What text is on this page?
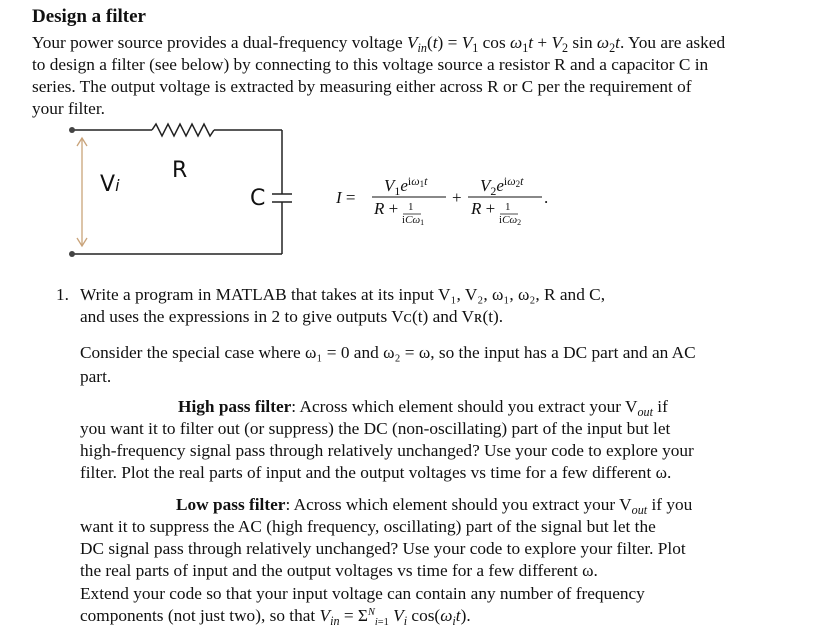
Design a filter
Your power source provides a dual-frequency voltage $V_{in}(t) = V_1$ $\cos \omega_1t + V_2$ $\sin \omega_2t$. You are asked
to design a filter (see below) by connecting to this voltage source a resistor R and a capacitor C in
series. The output voltage is extracted by measuring either across R or C per the requirement of
your filter.
Vi
R
C	I =
$V_1e^{i\omega_1t}$
R + 1
iCω$_1$
+
$V_2e^{i\omega_2t}$
R + 1
iCω$_2$
.
1. Write a program in MATLAB that takes at its input V₁, V₂, ω₁, ω₂, R and C,
and uses the expressions in 2 to give outputs Vᴄ(t) and Vʀ(t).
Consider the special case where ω₁ = 0 and ω₂ = ω, so the input has a DC part and an AC
part.
High pass filter: Across which element should you extract your $V_{out}$ if
you want it to filter out (or suppress) the DC (non-oscillating) part of the input but let
high-frequency signal pass through relatively unchanged? Use your code to explore your
filter. Plot the real parts of input and the output voltages vs time for a few different ω.
Low pass filter: Across which element should you extract your $V_{out}$ if you
want it to suppress the AC (high frequency, oscillating) part of the signal but let the
DC signal pass through relatively unchanged? Use your code to explore your filter. Plot
the real parts of input and the output voltages vs time for a few different ω.
Extend your code so that your input voltage can contain any number of frequency
components (not just two), so that $V_{in} = \Sigma^N_{i=1}$ $V_i$ $\cos(\omega_it)$.
